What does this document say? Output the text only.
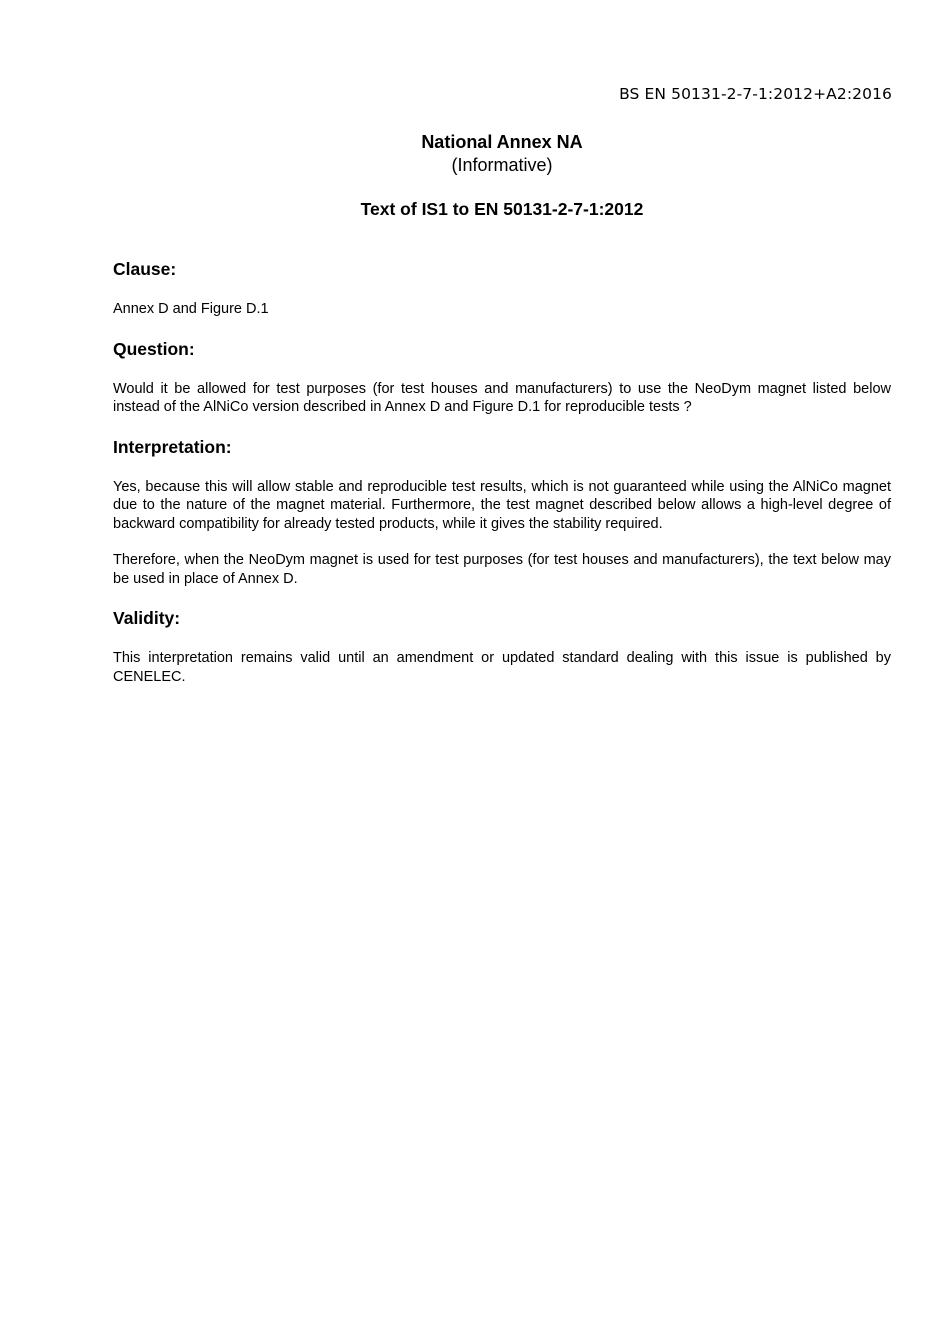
BS EN 50131-2-7-1:2012+A2:2016
National Annex NA
(Informative)
Text of IS1 to EN 50131-2-7-1:2012
Clause:

Annex D and Figure D.1

Question:

Would it be allowed for test purposes (for test houses and manufacturers) to use the NeoDym magnet listed below instead of the AlNiCo version described in Annex D and Figure D.1 for reproducible tests ?

Interpretation:

Yes, because this will allow stable and reproducible test results, which is not guaranteed while using the AlNiCo magnet due to the nature of the magnet material. Furthermore, the test magnet described below allows a high-level degree of backward compatibility for already tested products, while it gives the stability required.

Therefore, when the NeoDym magnet is used for test purposes (for test houses and manufacturers), the text below may be used in place of Annex D.

Validity:

This interpretation remains valid until an amendment or updated standard dealing with this issue is published by CENELEC.
